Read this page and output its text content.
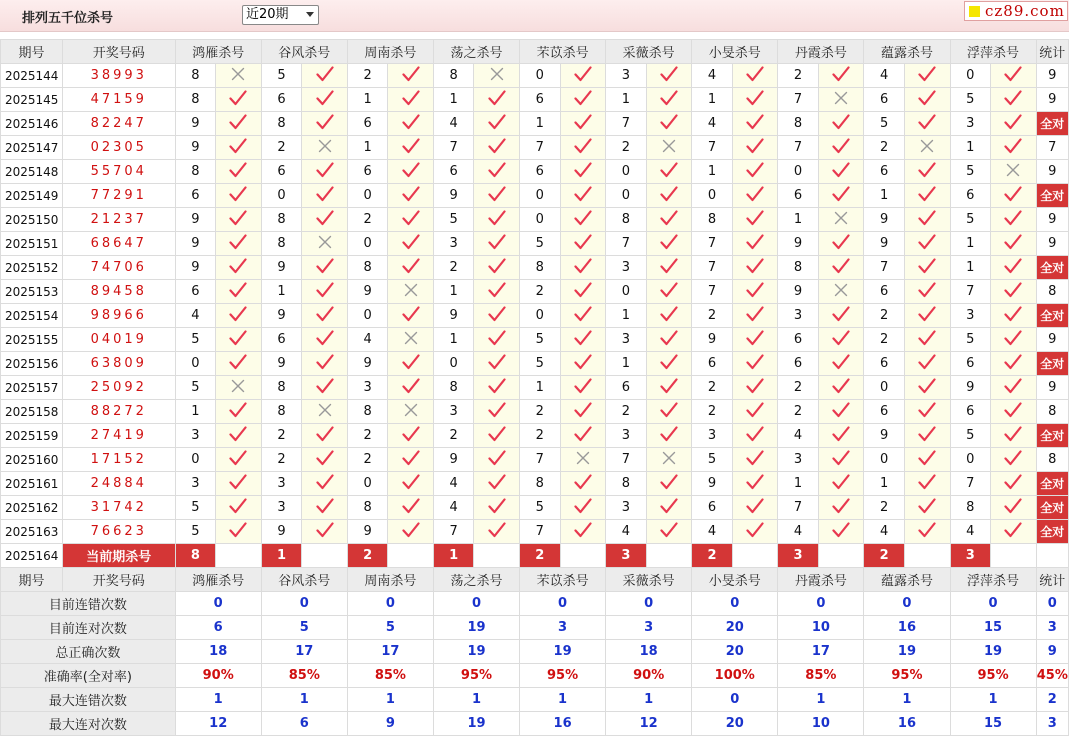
排列五千位杀号	近20期	cz89.com
期号	开奖号码	鸿雁杀号		谷风杀号		周南杀号		荡之杀号		芣苡杀号		采薇杀号		小旻杀号		丹霞杀号		蕴露杀号		浮萍杀号		统计
2025144	38993	8		5		2		8		0		3		4		2		4		0		9
2025145	47159	8		6		1		1		6		1		1		7		6		5		9
2025146	82247	9		8		6		4		1		7		4		8		5		3		全对
2025147	02305	9		2		1		7		7		2		7		7		2		1		7
2025148	55704	8		6		6		6		6		0		1		0		6		5		9
2025149	77291	6		0		0		9		0		0		0		6		1		6		全对
2025150	21237	9		8		2		5		0		8		8		1		9		5		9
2025151	68647	9		8		0		3		5		7		7		9		9		1		9
2025152	74706	9		9		8		2		8		3		7		8		7		1		全对
2025153	89458	6		1		9		1		2		0		7		9		6		7		8
2025154	98966	4		9		0		9		0		1		2		3		2		3		全对
2025155	04019	5		6		4		1		5		3		9		6		2		5		9
2025156	63809	0		9		9		0		5		1		6		6		6		6		全对
2025157	25092	5		8		3		8		1		6		2		2		0		9		9
2025158	88272	1		8		8		3		2		2		2		2		6		6		8
2025159	27419	3		2		2		2		2		3		3		4		9		5		全对
2025160	17152	0		2		2		9		7		7		5		3		0		0		8
2025161	24884	3		3		0		4		8		8		9		1		1		7		全对
2025162	31742	5		3		8		4		5		3		6		7		2		8		全对
2025163	76623	5		9		9		7		7		4		4		4		4		4		全对
2025164	当前期杀号	8		1		2		1		2		3		2		3		2		3		
期号	开奖号码	鸿雁杀号		谷风杀号		周南杀号		荡之杀号		芣苡杀号		采薇杀号		小旻杀号		丹霞杀号		蕴露杀号		浮萍杀号		统计
目前连错次数		0		0		0		0		0		0		0		0		0		0		0
目前连对次数		6		5		5		19		3		3		20		10		16		15		3
总正确次数		18		17		17		19		19		18		20		17		19		19		9
准确率(全对率)		90%		85%		85%		95%		95%		90%		100%		85%		95%		95%		45%
最大连错次数		1		1		1		1		1		1		0		1		1		1		2
最大连对次数		12		6		9		19		16		12		20		10		16		15		3
